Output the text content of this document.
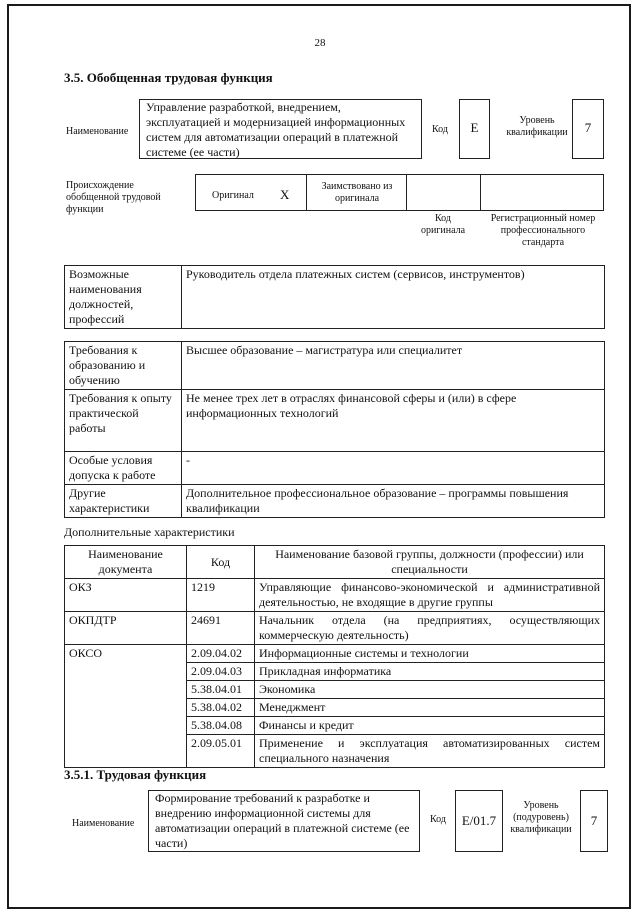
28
3.5. Обобщенная трудовая функция
Наименование
Управление разработкой, внедрением, эксплуатацией и модернизацией информационных систем для автоматизации операций в платежной системе (ее части)
Код	E	Уровень квалификации	7
Происхождение обобщенной трудовой функции
Оригинал X
Заимствовано из оригинала
Код оригинала
Регистрационный номер профессионального стандарта
Возможные наименования должностей, профессий	Руководитель отдела платежных систем (сервисов, инструментов)
Требования к образованию и обучению	Высшее образование – магистратура или специалитет
Требования к опыту практической работы	Не менее трех лет в отраслях финансовой сферы и (или) в сфере информационных технологий
Особые условия допуска к работе	-
Другие характеристики	Дополнительное профессиональное образование – программы повышения квалификации
Дополнительные характеристики
Наименование документа	Код	Наименование базовой группы, должности (профессии) или специальности
ОКЗ	1219	Управляющие финансово-экономической и административной деятельностью, не входящие в другие группы
ОКПДТР	24691	Начальник отдела (на предприятиях, осуществляющих коммерческую деятельность)
ОКСО	2.09.04.02	Информационные системы и технологии
	2.09.04.03	Прикладная информатика
	5.38.04.01	Экономика
	5.38.04.02	Менеджмент
	5.38.04.08	Финансы и кредит
	2.09.05.01	Применение и эксплуатация автоматизированных систем специального назначения
3.5.1. Трудовая функция
Наименование
Формирование требований к разработке и внедрению информационной системы для автоматизации операций в платежной системе (ее части)
Код	E/01.7
Уровень (подуровень) квалификации
7
